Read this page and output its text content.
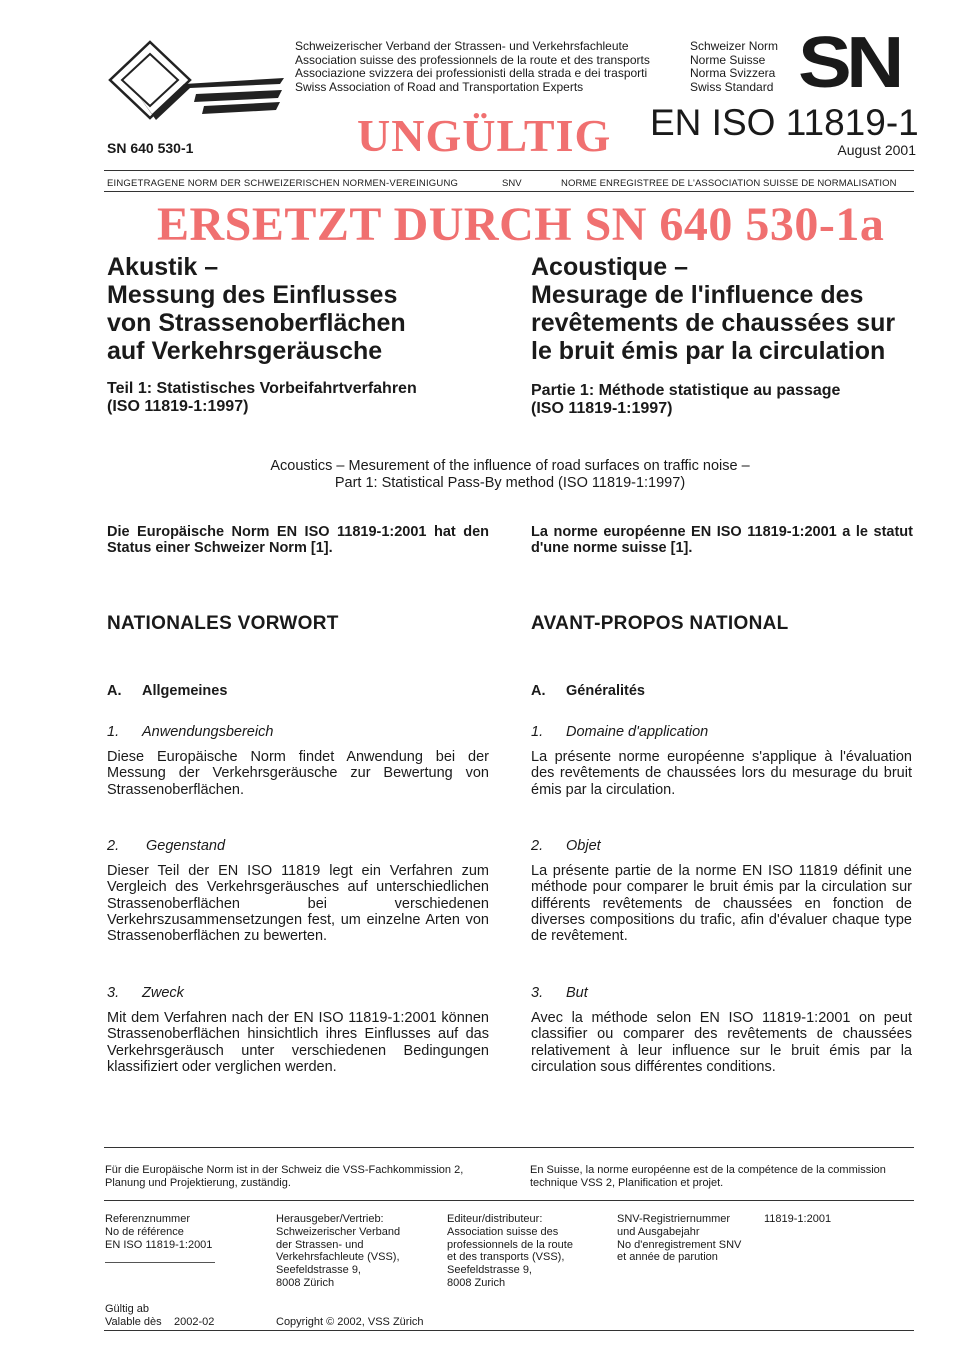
Schweizerischer Verband der Strassen- und Verkehrsfachleute
Association suisse des professionnels de la route et des transports
Associazione svizzera dei professionisti della strada e dei trasporti
Swiss Association of Road and Transportation Experts
Schweizer Norm
Norme Suisse
Norma Svizzera
Swiss Standard SN
SN 640 530-1	UNGÜLTIG EN ISO 11819-1
August 2001
EINGETRAGENE NORM DER SCHWEIZERISCHEN NORMEN-VEREINIGUNG	SNV	NORME ENREGISTREE DE L'ASSOCIATION SUISSE DE NORMALISATION
ERSETZT DURCH SN 640 530-1a
Akustik –
Messung des Einflusses
von Strassenoberflächen
auf Verkehrsgeräusche
Teil 1: Statistisches Vorbeifahrtverfahren
(ISO 11819-1:1997)
Acoustique –
Mesurage de l'influence des
revêtements de chaussées sur
le bruit émis par la circulation
Partie 1: Méthode statistique au passage
(ISO 11819-1:1997)
Acoustics – Mesurement of the influence of road surfaces on traffic noise –
Part 1: Statistical Pass-By method (ISO 11819-1:1997)
Die Europäische Norm EN ISO 11819-1:2001 hat den Status einer Schweizer Norm [1].
La norme européenne EN ISO 11819-1:2001 a le statut d'une norme suisse [1].
NATIONALES VORWORT	AVANT-PROPOS NATIONAL
A. Allgemeines	A. Généralités
1. Anwendungsbereich
Diese Europäische Norm findet Anwendung bei der Messung der Verkehrsgeräusche zur Bewertung von Strassenoberflächen.
2. Gegenstand
Dieser Teil der EN ISO 11819 legt ein Verfahren zum Vergleich des Verkehrsgeräusches auf unterschiedlichen Strassenoberflächen bei verschiedenen Verkehrszusammensetzungen fest, um einzelne Arten von Strassenoberflächen zu bewerten.
3. Zweck
Mit dem Verfahren nach der EN ISO 11819-1:2001 können Strassenoberflächen hinsichtlich ihres Einflusses auf das Verkehrsgeräusch unter verschiedenen Bedingungen klassifiziert oder verglichen werden.
1. Domaine d'application
La présente norme européenne s'applique à l'évaluation des revêtements de chaussées lors du mesurage du bruit émis par la circulation.
2. Objet
La présente partie de la norme EN ISO 11819 définit une méthode pour comparer le bruit émis par la circulation sur différents revêtements de chaussées en fonction de diverses compositions du trafic, afin d'évaluer chaque type de revêtement.
3. But
Avec la méthode selon EN ISO 11819-1:2001 on peut classifier ou comparer des revêtements de chaussées relativement à leur influence sur le bruit émis par la circulation sous différentes conditions.
Für die Europäische Norm ist in der Schweiz die VSS-Fachkommission 2,
Planung und Projektierung, zuständig.
En Suisse, la norme européenne est de la compétence de la commission
technique VSS 2, Planification et projet.
Referenznummer
No de référence
EN ISO 11819-1:2001
Herausgeber/Vertrieb:
Schweizerischer Verband
der Strassen- und
Verkehrsfachleute (VSS),
Seefeldstrasse 9,
8008 Zürich
Editeur/distributeur:
Association suisse des
professionnels de la route
et des transports (VSS),
Seefeldstrasse 9,
8008 Zurich
SNV-Registriernummer
und Ausgabejahr
No d'enregistrement SNV
et année de parution
11819-1:2001
Gültig ab
Valable dès 2002-02	Copyright © 2002, VSS Zürich
